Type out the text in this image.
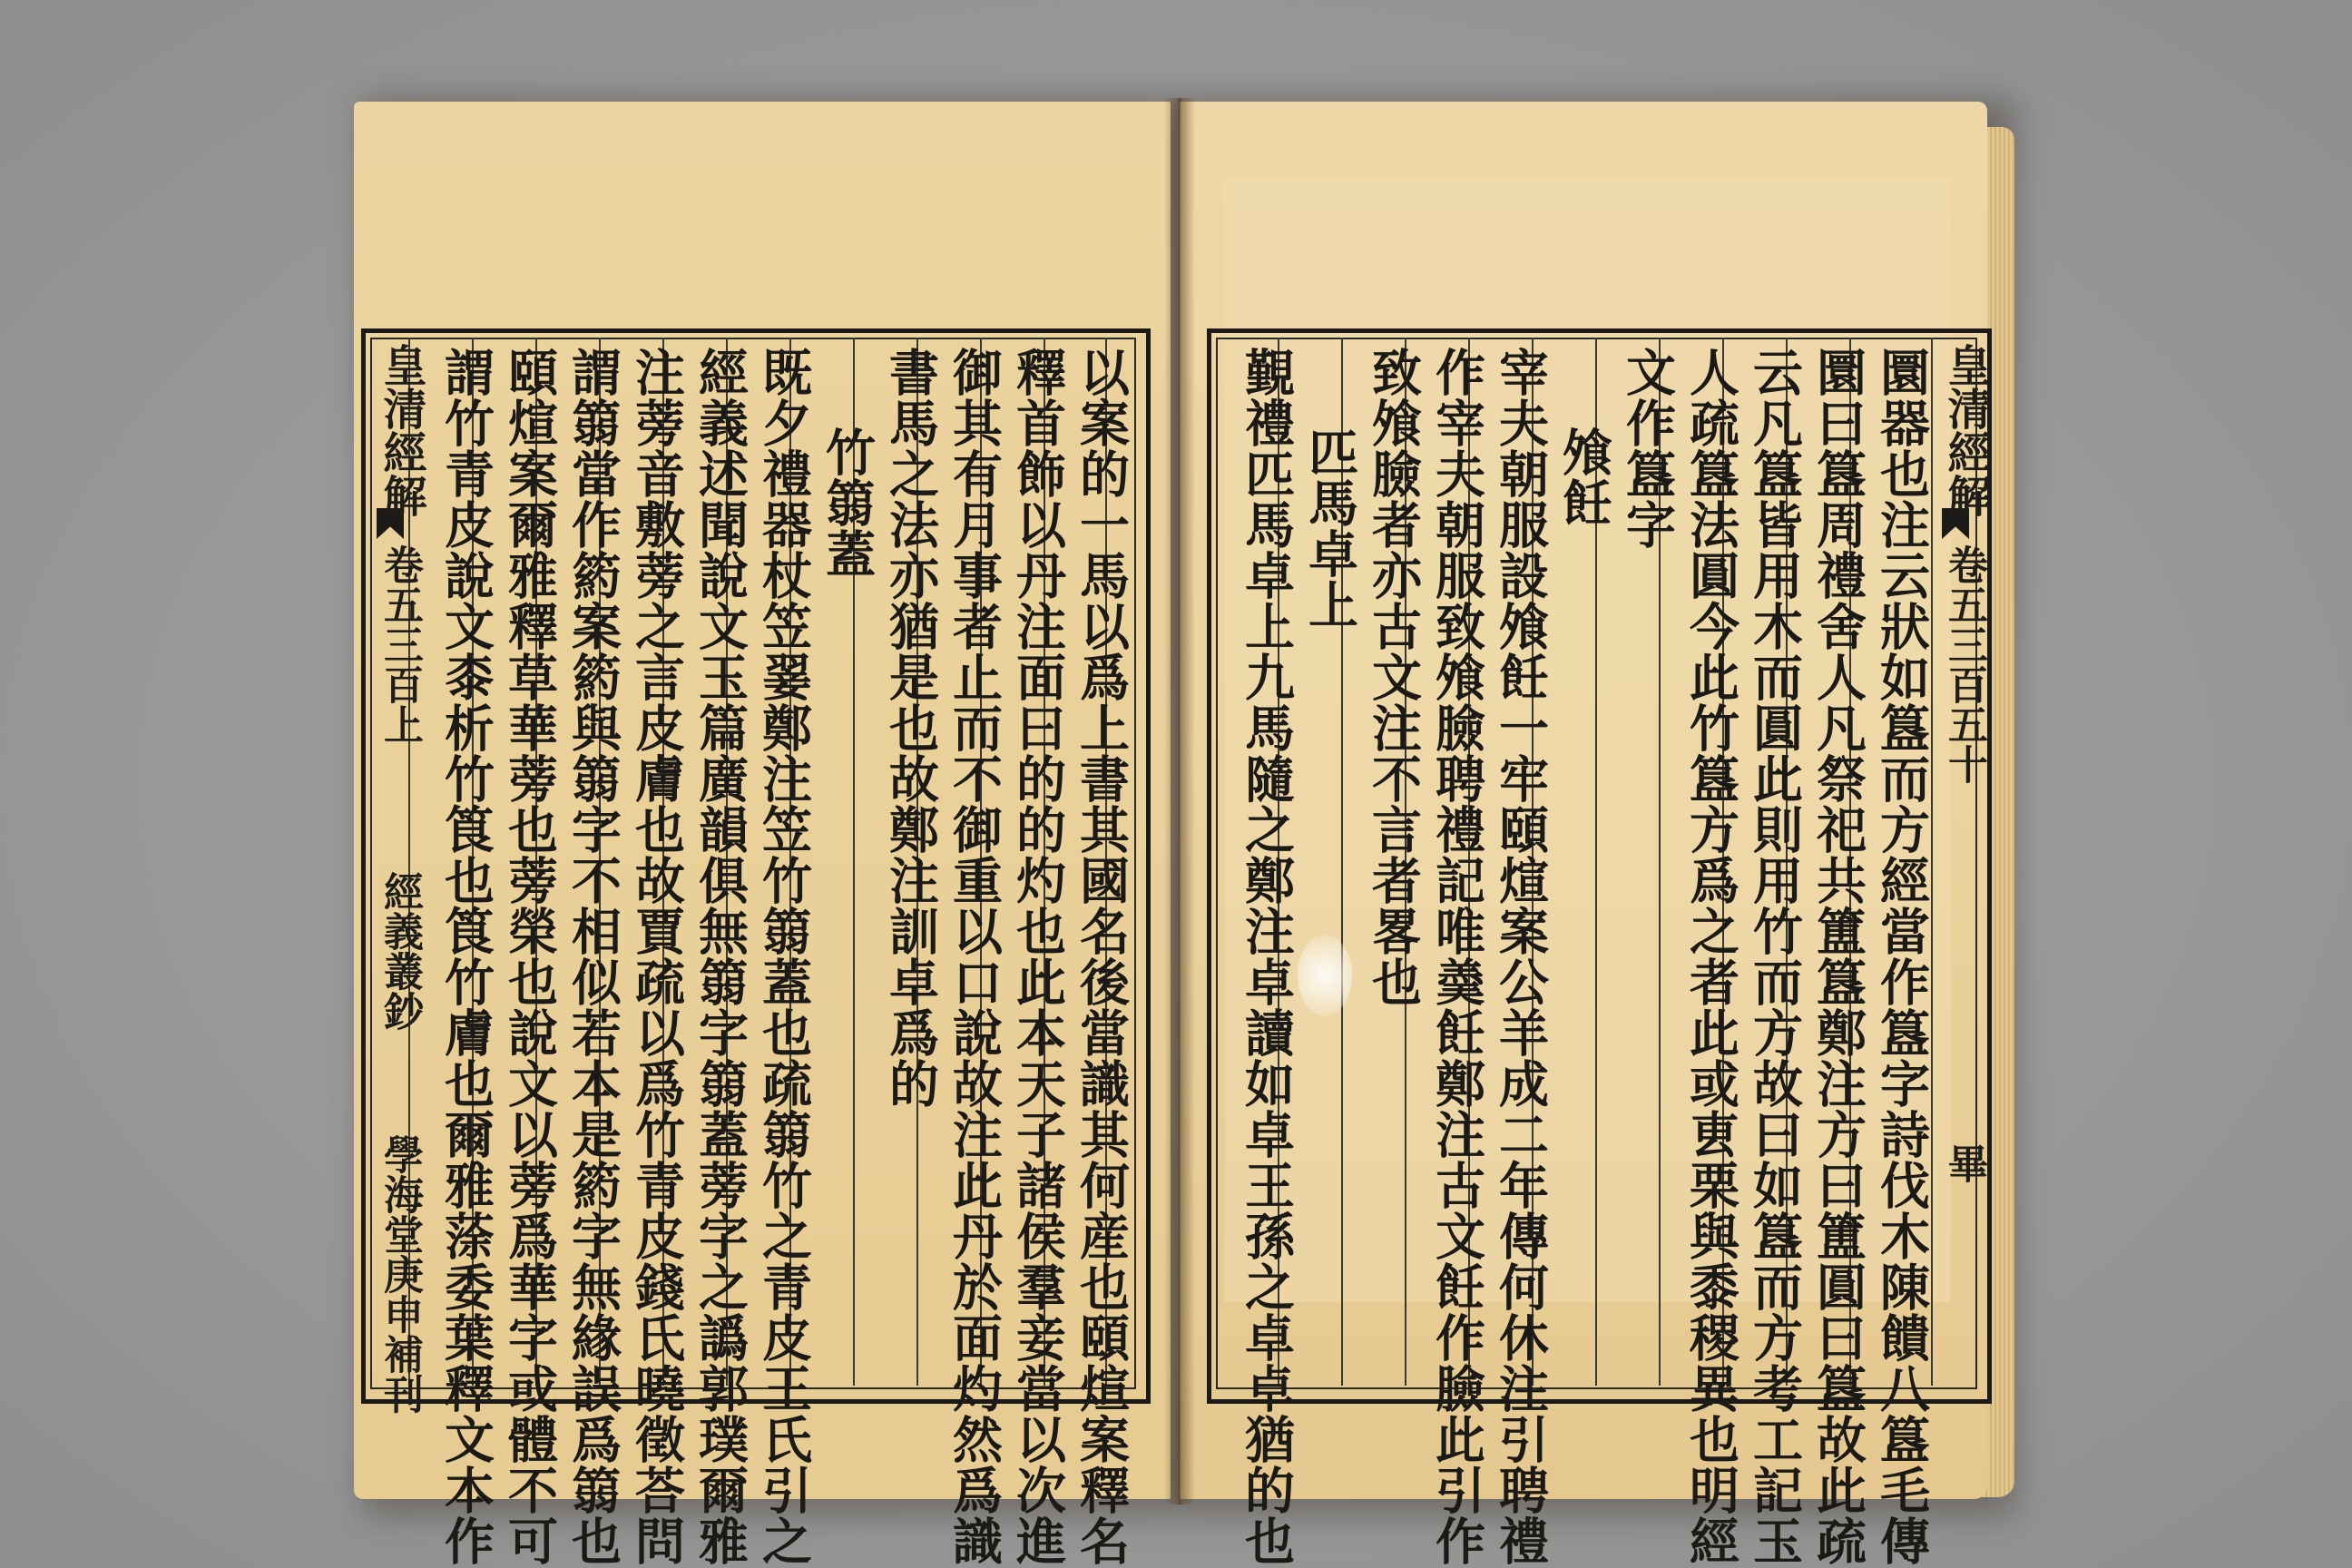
皇清經解
卷五三百上
經義叢鈔
學海堂庚申補刊	以案的一馬以爲上書其國名後當識其何産也頤煊案釋名
釋首飾以丹注面曰的的灼也此本天子諸侯羣妾當以次進
御其有月事者止而不御重以口說故注此丹於面灼然爲識
書馬之法亦猶是也故鄭注訓卓爲的
竹篛蓋
既夕禮器杖笠翣鄭注笠竹篛蓋也疏篛竹之青皮王氏引之
經義述聞說文玉篇廣韻俱無篛字篛蓋蒡字之譌郭璞爾雅
注蒡音敷蒡之言皮膚也故賈疏以爲竹青皮錢氏曉徵荅問
謂篛當作箹案箹與篛字不相似若本是箹字無緣誤爲篛也
頤煊案爾雅釋草華蒡也蒡榮也說文以蒡爲華字或體不可
謂竹青皮說文桼析竹筤也筤竹膚也爾雅蒤委葉釋文本作	皇清經解
卷五三百五十
畢
圜器也注云狀如簋而方經當作簋字詩伐木陳饋八簋毛傳
圜曰簋周禮舍人凡祭祀共簠簋鄭注方曰簠圓曰簋故此疏
云凡簋皆用木而圓此則用竹而方故曰如簋而方考工記玉
人疏簋法圓今此竹簋方爲之者此或叀栗與黍稷異也明經
文作簋字
飧飪
宰夫朝服設飧飪一牢頤煊案公羊成二年傳何休注引聘禮
作宰夫朝服致飧臉聘禮記唯羮飪鄭注古文飪作臉此引作
致飧臉者亦古文注不言者畧也
匹馬卓上
覲禮匹馬卓上九馬隨之鄭注卓讀如卓王孫之卓卓猶的也
